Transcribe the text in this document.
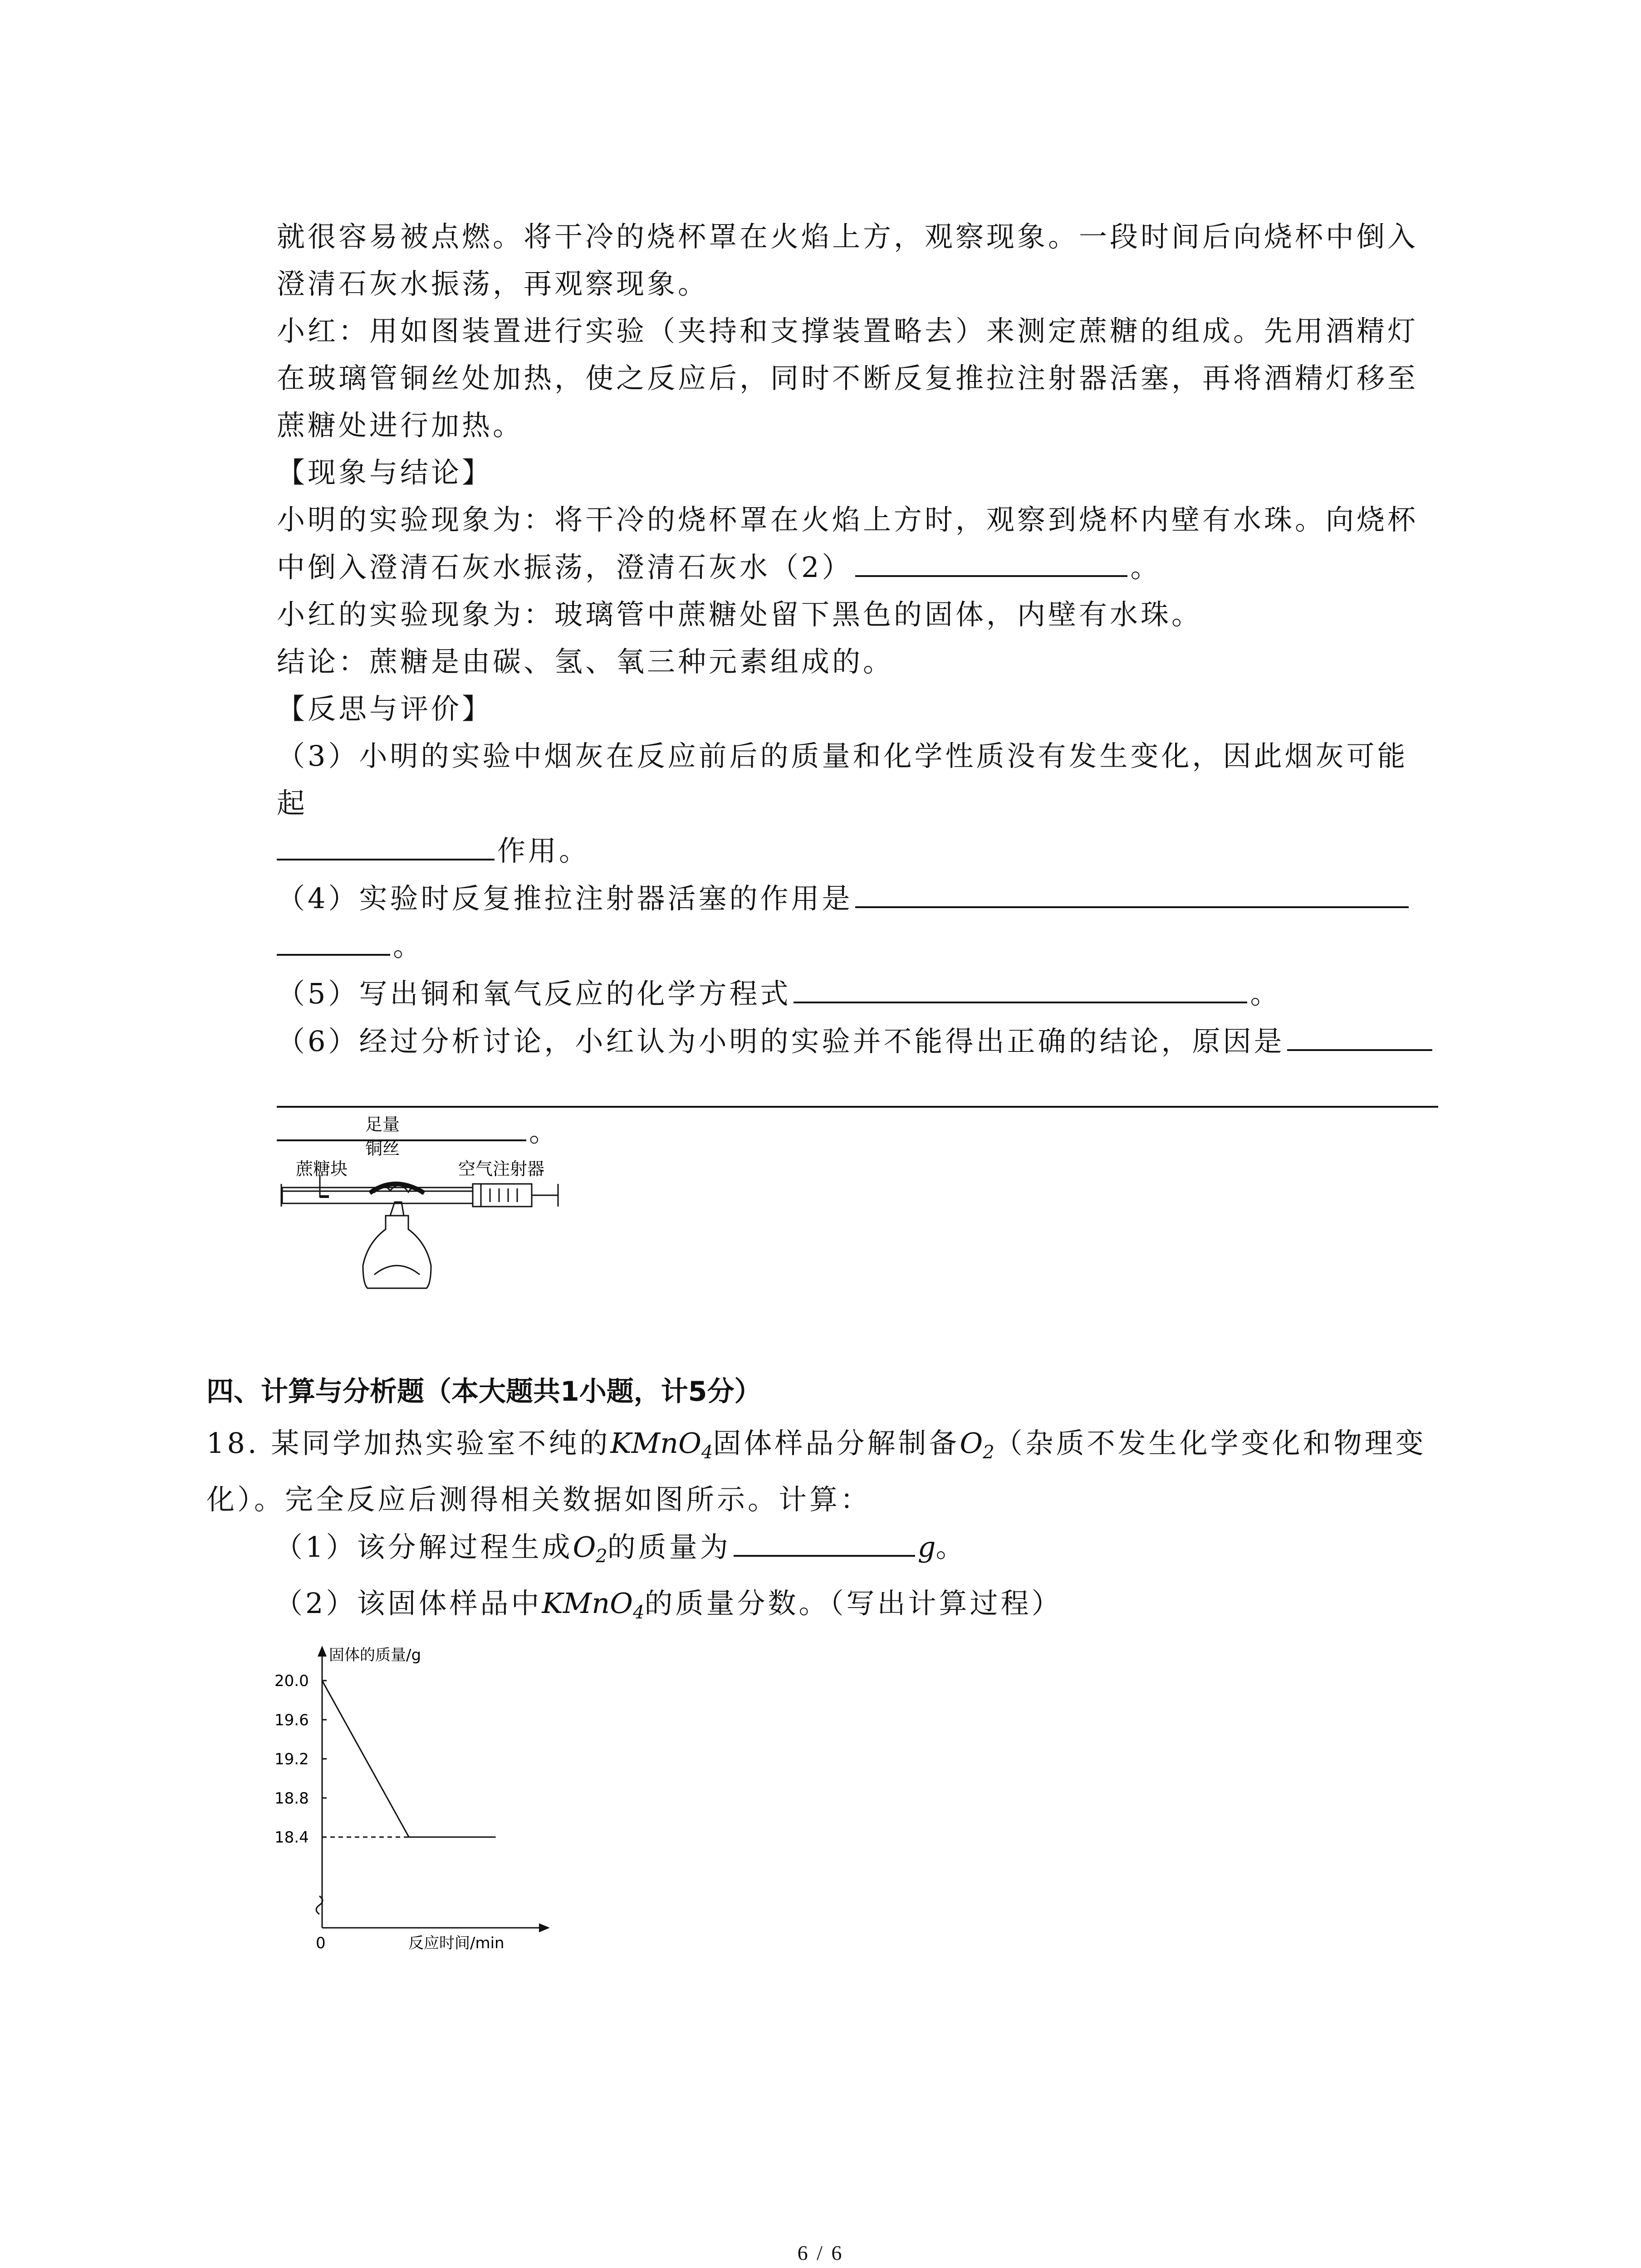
就很容易被点燃。将干冷的烧杯罩在火焰上方，观察现象。一段时间后向烧杯中倒入澄清石灰水振荡，再观察现象。

小红：用如图装置进行实验（夹持和支撑装置略去）来测定蔗糖的组成。先用酒精灯在玻璃管铜丝处加热，使之反应后，同时不断反复推拉注射器活塞，再将酒精灯移至蔗糖处进行加热。

【现象与结论】

小明的实验现象为：将干冷的烧杯罩在火焰上方时，观察到烧杯内壁有水珠。向烧杯中倒入澄清石灰水振荡，澄清石灰水（2）	。

小红的实验现象为：玻璃管中蔗糖处留下黑色的固体，内壁有水珠。

结论：蔗糖是由碳、氢、氧三种元素组成的。

【反思与评价】

（3）小明的实验中烟灰在反应前后的质量和化学性质没有发生变化，因此烟灰可能起
作用。

（4）实验时反复推拉注射器活塞的作用是
。

（5）写出铜和氧气反应的化学方程式	。

（6）经过分析讨论，小红认为小明的实验并不能得出正确的结论，原因是
。

蔗糖块
足量
铜丝
空气注射器
四、计算与分析题（本大题共1小题，计5分）

18. 某同学加热实验室不纯的KMnO$_4$固体样品分解制备$O_2$（杂质不发生化学变化和物理变化）。完全反应后测得相关数据如图所示。计算：

（1）该分解过程生成$O_2$的质量为	g。

（2）该固体样品中KMnO$_4$的质量分数。（写出计算过程）

固体的质量/g
反应时间/min
0
20.0
19.6
19.2
18.8
18.4
6 / 6
